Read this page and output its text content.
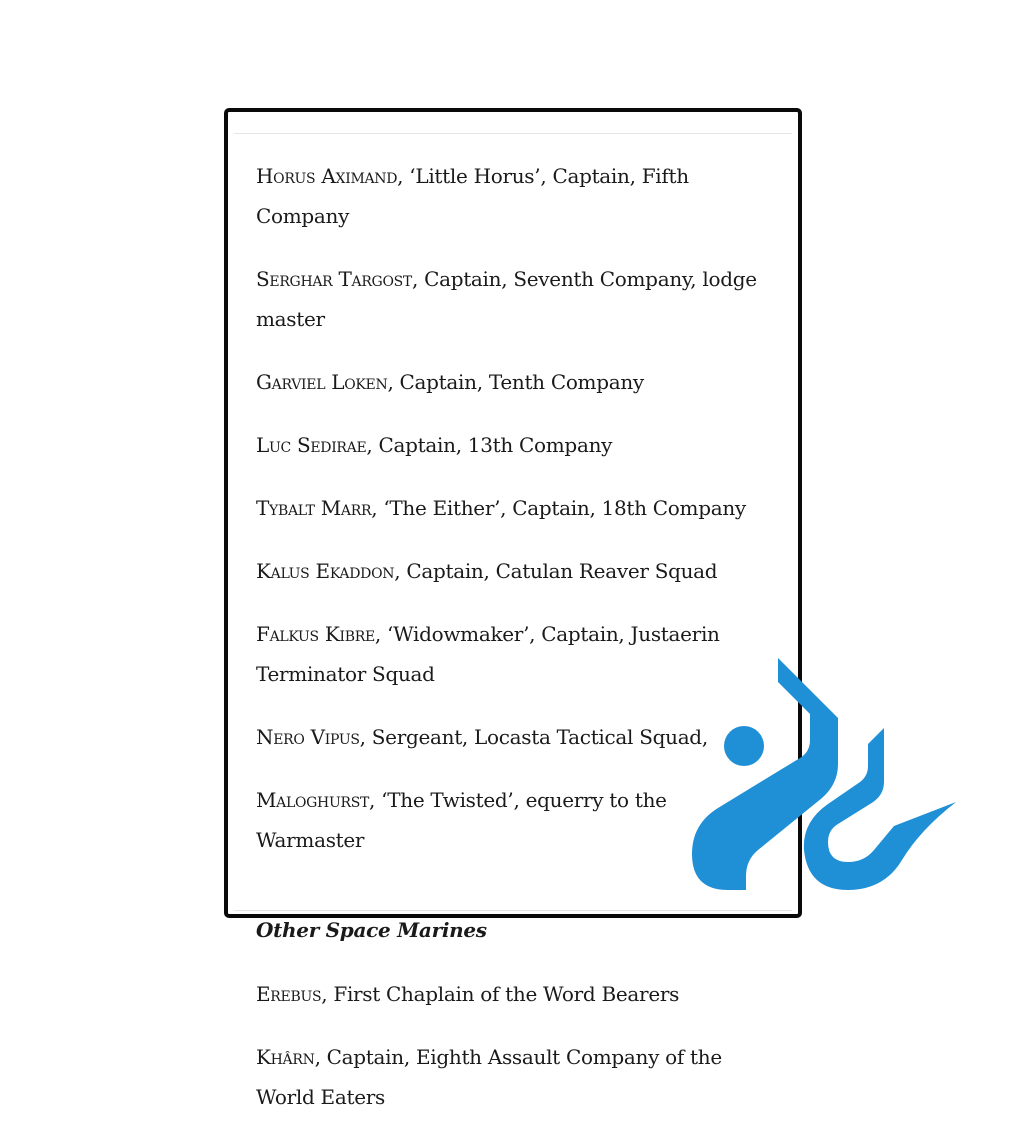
Horus Aximand, ‘Little Horus’, Captain, Fifth Company
Serghar Targost, Captain, Seventh Company, lodge master
Garviel Loken, Captain, Tenth Company
Luc Sedirae, Captain, 13th Company
Tybalt Marr, ‘The Either’, Captain, 18th Company
Kalus Ekaddon, Captain, Catulan Reaver Squad
Falkus Kibre, ‘Widowmaker’, Captain, Justaerin Terminator Squad
Nero Vipus, Sergeant, Locasta Tactical Squad,
Maloghurst, ‘The Twisted’, equerry to the Warmaster
Other Space Marines
Erebus, First Chaplain of the Word Bearers
Khârn, Captain, Eighth Assault Company of the World Eaters
